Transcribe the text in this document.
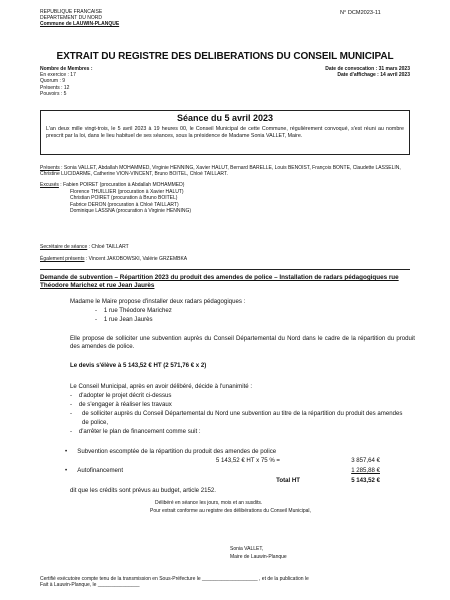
REPUBLIQUE FRANCAISE
DEPARTEMENT DU NORD
Commune de LAUWIN-PLANQUE
N° DCM2023-11
EXTRAIT DU REGISTRE DES DELIBERATIONS DU CONSEIL MUNICIPAL
Nombre de Membres :
En exercice : 17
Quorum : 9
Présents : 12
Pouvoirs : 5
Date de convocation : 31 mars 2023
Date d'affichage : 14 avril 2023
Séance du 5 avril 2023
L'an deux mille vingt-trois, le 5 avril 2023 à 19 heures 00, le Conseil Municipal de cette Commune, régulièrement convoqué, s'est réuni au nombre prescrit par la loi, dans le lieu habituel de ses séances, sous la présidence de Madame Sonia VALLET, Maire.
Présents : Sonia VALLET, Abdallah MOHAMMED, Virginie HENNING, Xavier HALUT, Bernard BARELLE, Louis BENOIST, François BONTE, Claudette LASSELIN, Christine LUCIDARME, Catherine VION-VINCENT, Bruno BOITEL, Chloé TAILLART.
Excusés : Fabien POIRET (procuration à Abdallah MOHAMMED)
Florence THUILLIER (procuration à Xavier HALUT)
Christian POIRET (procuration à Bruno BOITEL)
Fabrice DERON (procuration à Chloé TAILLART)
Dominique LASSNA (procuration à Virginie HENNING)
Secrétaire de séance : Chloé TAILLART
Également présents : Vincent JAKOBOWSKI, Valérie GRZEMBKA
Demande de subvention – Répartition 2023 du produit des amendes de police – Installation de radars pédagogiques rue Théodore Marichez et rue Jean Jaurès
Madame le Maire propose d'installer deux radars pédagogiques :
-    1 rue Théodore Marichez
-    1 rue Jean Jaurès
Elle propose de solliciter une subvention auprès du Conseil Départemental du Nord dans le cadre de la répartition du produit des amendes de police.
Le devis s'élève à 5 143,52 € HT (2 571,76 € x 2)
Le Conseil Municipal, après en avoir délibéré, décide à l'unanimité :
-    d'adopter le projet décrit ci-dessus
-    de s'engager à réaliser les travaux
- de solliciter auprès du Conseil Départemental du Nord une subvention au titre de la répartition du produit des amendes de police,
-    d'arrêter le plan de financement comme suit :
•      Subvention escomptée de la répartition du produit des amendes de police
5 143,52 € HT x 75 % =	3 857,64 €
•      Autofinancement	1 285,88 €
Total HT	5 143,52 €
dit que les crédits sont prévus au budget, article 2152.
Délibéré en séance les jours, mois et an susdits.
Pour extrait conforme au registre des délibérations du Conseil Municipal,
Sonia VALLET,
Maire de Lauwin-Planque
Certifié exécutoire compte tenu de la transmission en Sous-Préfecture le ____________________ , et de la publication le
Fait à Lauwin-Planque, le _______________
